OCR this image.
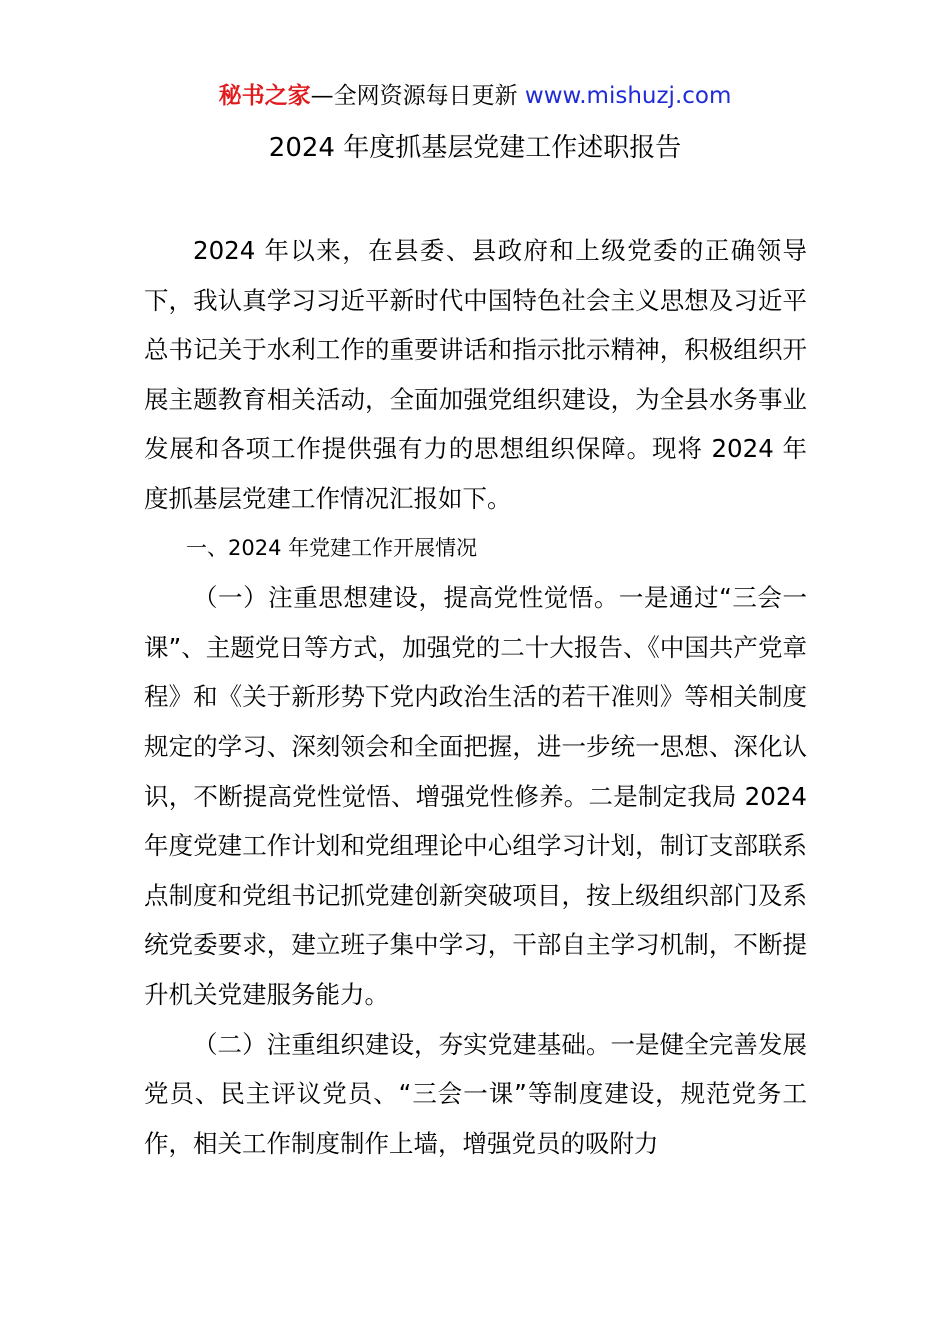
秘书之家—全网资源每日更新 www.mishuzj.com
2024 年度抓基层党建工作述职报告

2024 年以来，在县委、县政府和上级党委的正确领导下，我认真学习习近平新时代中国特色社会主义思想及习近平总书记关于水利工作的重要讲话和指示批示精神，积极组织开展主题教育相关活动，全面加强党组织建设，为全县水务事业发展和各项工作提供强有力的思想组织保障。现将 2024 年度抓基层党建工作情况汇报如下。

一、2024 年党建工作开展情况

（一）注重思想建设，提高党性觉悟。一是通过“三会一课”、主题党日等方式，加强党的二十大报告、《中国共产党章程》和《关于新形势下党内政治生活的若干准则》等相关制度规定的学习、深刻领会和全面把握，进一步统一思想、深化认识，不断提高党性觉悟、增强党性修养。二是制定我局 2024 年度党建工作计划和党组理论中心组学习计划，制订支部联系点制度和党组书记抓党建创新突破项目，按上级组织部门及系统党委要求，建立班子集中学习，干部自主学习机制，不断提升机关党建服务能力。

（二）注重组织建设，夯实党建基础。一是健全完善发展党员、民主评议党员、“三会一课”等制度建设，规范党务工作，相关工作制度制作上墙，增强党员的吸附力
